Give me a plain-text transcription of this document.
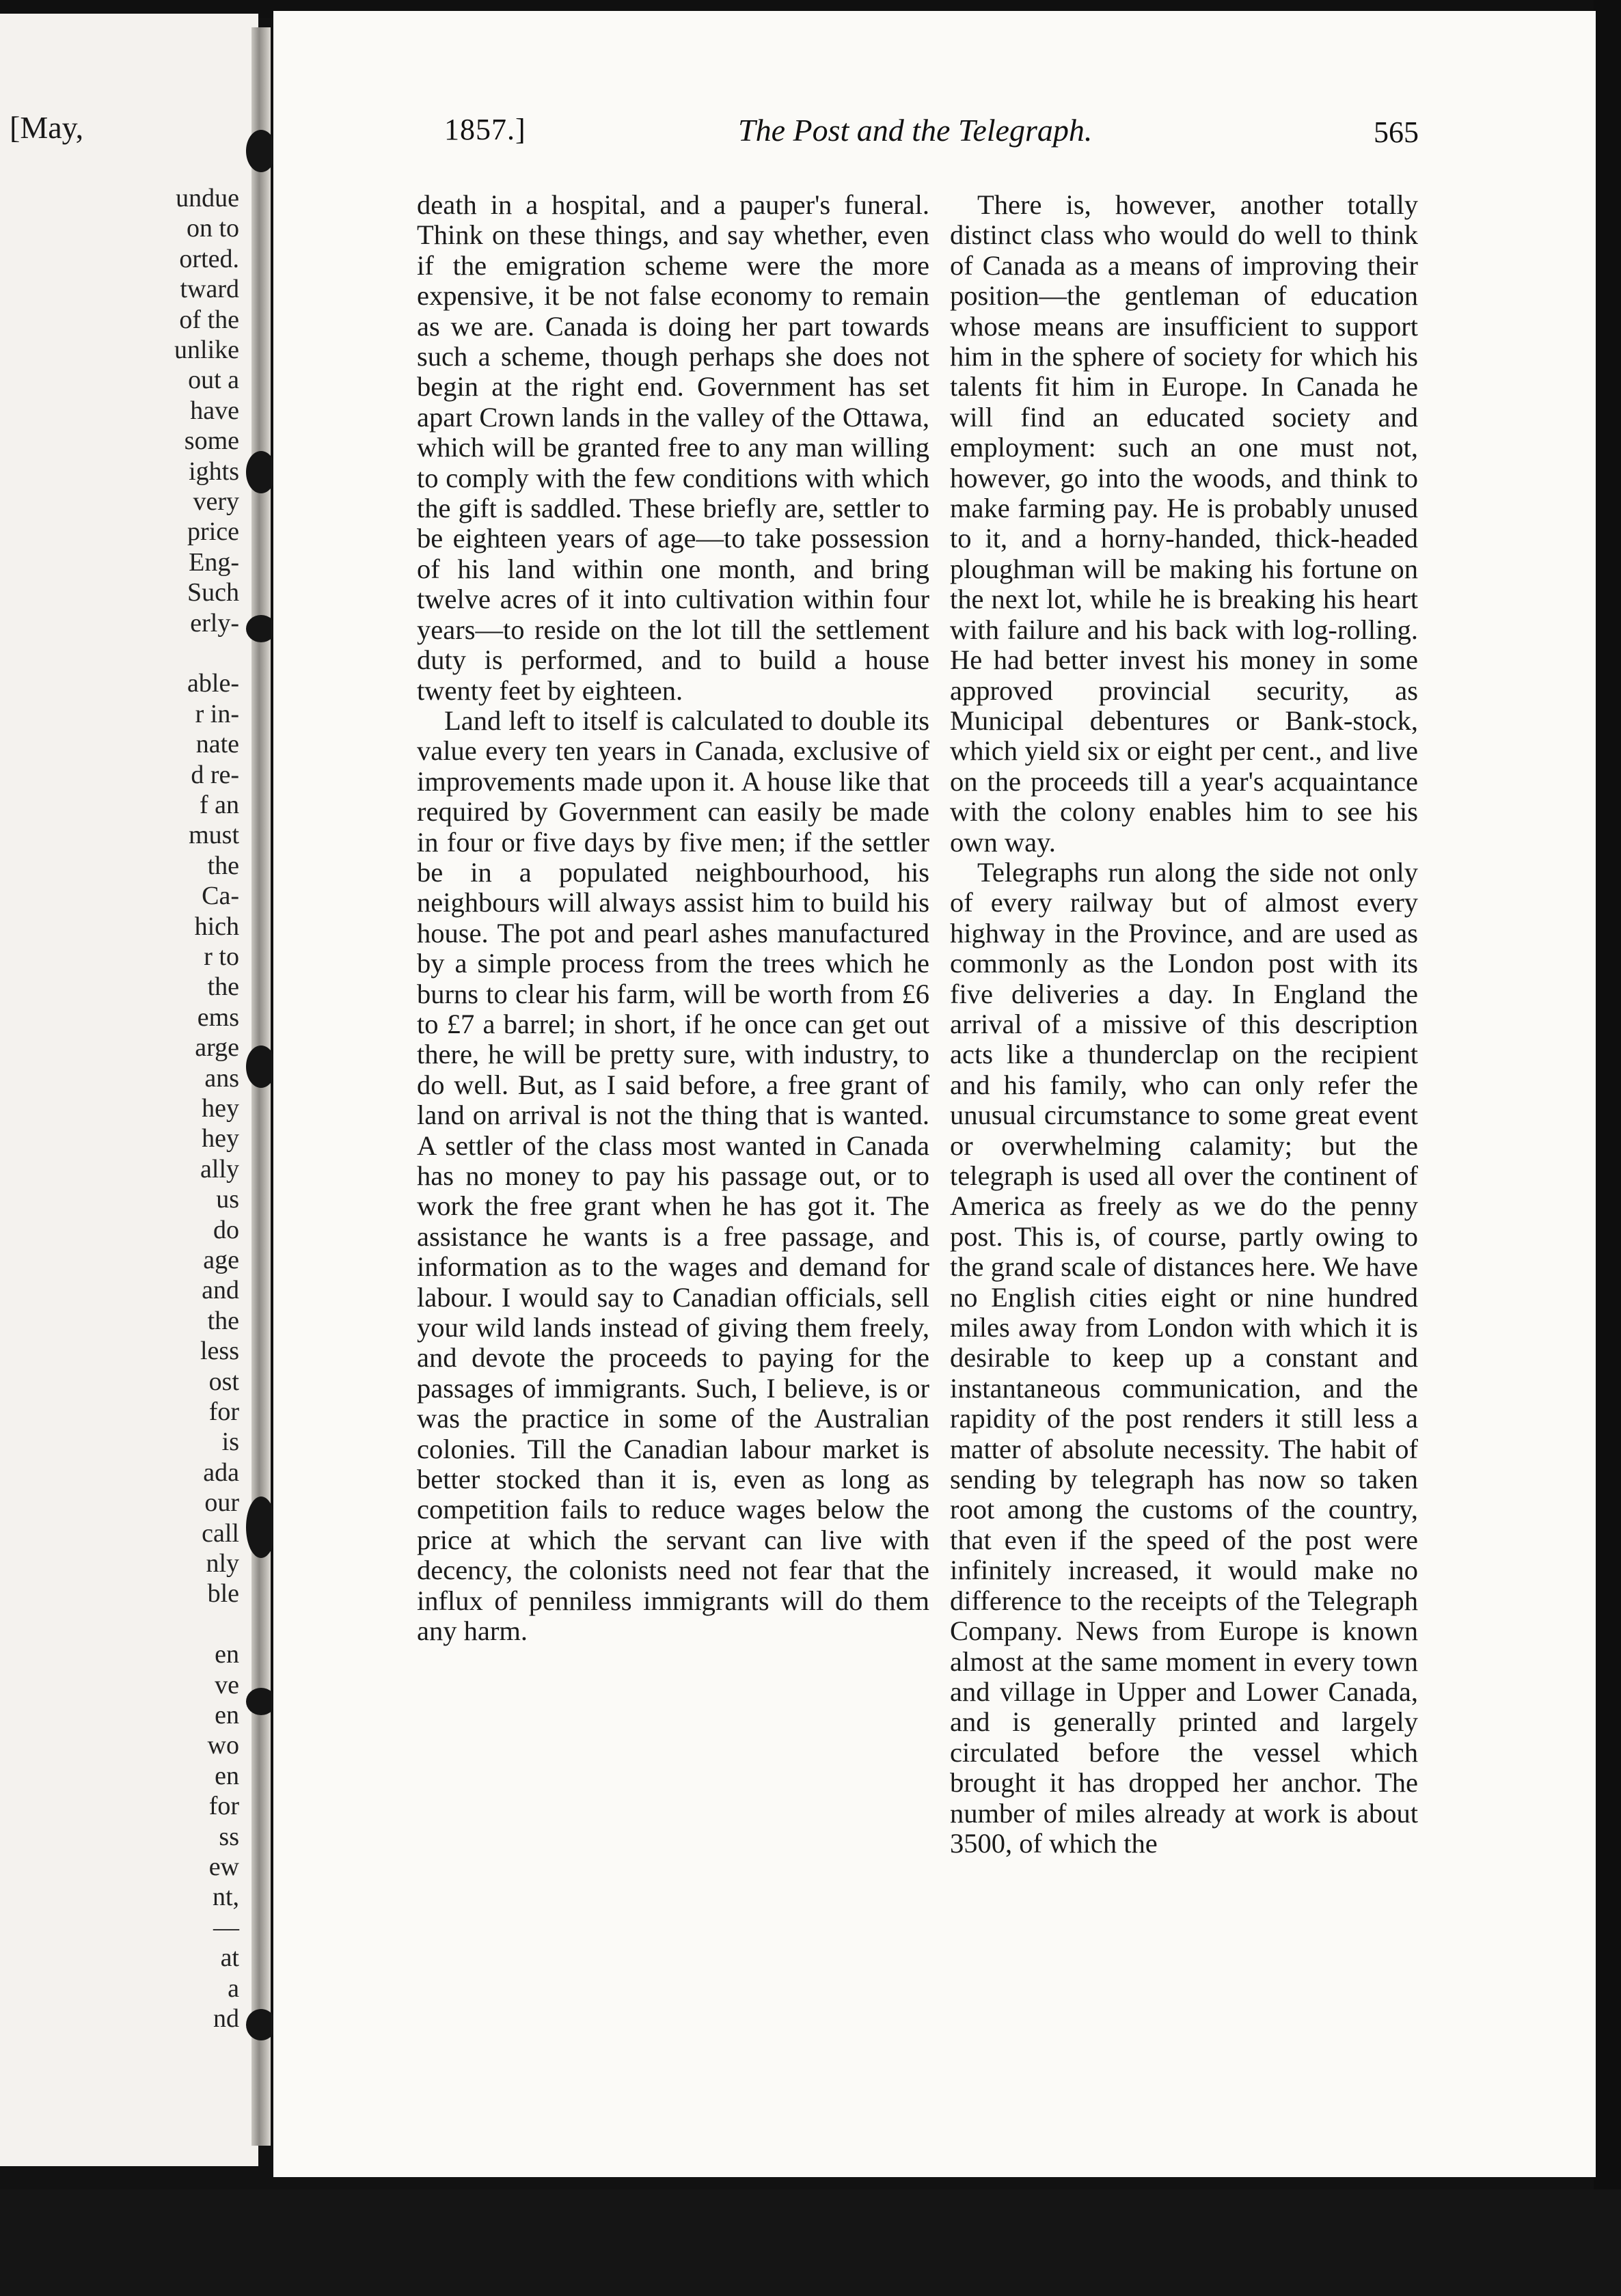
[May,

undue

on to

orted.

tward

of the

unlike

out a

have

some

ights

very

price

Eng-

Such

erly-

able-

r in-

nate

d re-

f an

must

the

Ca-

hich

r to

the

ems

arge

ans

hey

hey

ally

us

do

age

and

the

less

ost

for

is

ada

our

call

nly

ble

en

ve

en

wo

en

for

ss

ew

nt,

—

at

a

nd

1857.]	The Post and the Telegraph.	565

death in a hospital, and a pauper's funeral. Think on these things, and say whether, even if the emigration scheme were the more expensive, it be not false economy to remain as we are. Canada is doing her part towards such a scheme, though perhaps she does not begin at the right end. Government has set apart Crown lands in the valley of the Ottawa, which will be granted free to any man willing to comply with the few conditions with which the gift is saddled. These briefly are, settler to be eighteen years of age—to take possession of his land within one month, and bring twelve acres of it into cultivation within four years—to reside on the lot till the settlement duty is performed, and to build a house twenty feet by eighteen.

Land left to itself is calculated to double its value every ten years in Canada, exclusive of improvements made upon it. A house like that required by Government can easily be made in four or five days by five men; if the settler be in a populated neighbourhood, his neighbours will always assist him to build his house. The pot and pearl ashes manufactured by a simple process from the trees which he burns to clear his farm, will be worth from £6 to £7 a barrel; in short, if he once can get out there, he will be pretty sure, with industry, to do well. But, as I said before, a free grant of land on arrival is not the thing that is wanted. A settler of the class most wanted in Canada has no money to pay his passage out, or to work the free grant when he has got it. The assistance he wants is a free passage, and information as to the wages and demand for labour. I would say to Canadian officials, sell your wild lands instead of giving them freely, and devote the proceeds to paying for the passages of immigrants. Such, I believe, is or was the practice in some of the Australian colonies. Till the Canadian labour market is better stocked than it is, even as long as competition fails to reduce wages below the price at which the servant can live with decency, the colonists need not fear that the influx of penniless immigrants will do them any harm.

There is, however, another totally distinct class who would do well to think of Canada as a means of improving their position—the gentleman of education whose means are insufficient to support him in the sphere of society for which his talents fit him in Europe. In Canada he will find an educated society and employment: such an one must not, however, go into the woods, and think to make farming pay. He is probably unused to it, and a horny-handed, thick-headed ploughman will be making his fortune on the next lot, while he is breaking his heart with failure and his back with log-rolling. He had better invest his money in some approved provincial security, as Municipal debentures or Bank-stock, which yield six or eight per cent., and live on the proceeds till a year's acquaintance with the colony enables him to see his own way.

Telegraphs run along the side not only of every railway but of almost every highway in the Province, and are used as commonly as the London post with its five deliveries a day. In England the arrival of a missive of this description acts like a thunderclap on the recipient and his family, who can only refer the unusual circumstance to some great event or overwhelming calamity; but the telegraph is used all over the continent of America as freely as we do the penny post. This is, of course, partly owing to the grand scale of distances here. We have no English cities eight or nine hundred miles away from London with which it is desirable to keep up a constant and instantaneous communication, and the rapidity of the post renders it still less a matter of absolute necessity. The habit of sending by telegraph has now so taken root among the customs of the country, that even if the speed of the post were infinitely increased, it would make no difference to the receipts of the Telegraph Company. News from Europe is known almost at the same moment in every town and village in Upper and Lower Canada, and is generally printed and largely circulated before the vessel which brought it has dropped her anchor. The number of miles already at work is about 3500, of which the
